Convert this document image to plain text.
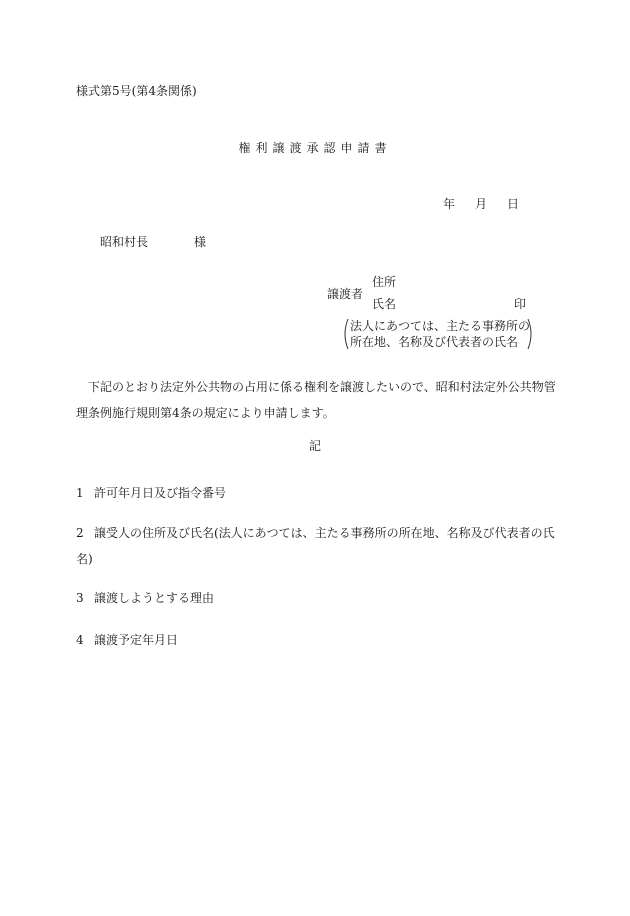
様式第5号(第4条関係)
権利譲渡承認申請書
年 月 日
昭和村長	様
譲渡者
住所
氏名	印
法人にあつては、主たる事務所の
所在地、名称及び代表者の氏名
下記のとおり法定外公共物の占用に係る権利を譲渡したいので、昭和村法定外公共物管理条例施行規則第4条の規定により申請します。
記
1 許可年月日及び指令番号
2 譲受人の住所及び氏名(法人にあつては、主たる事務所の所在地、名称及び代表者の氏名)
3 譲渡しようとする理由
4 譲渡予定年月日
